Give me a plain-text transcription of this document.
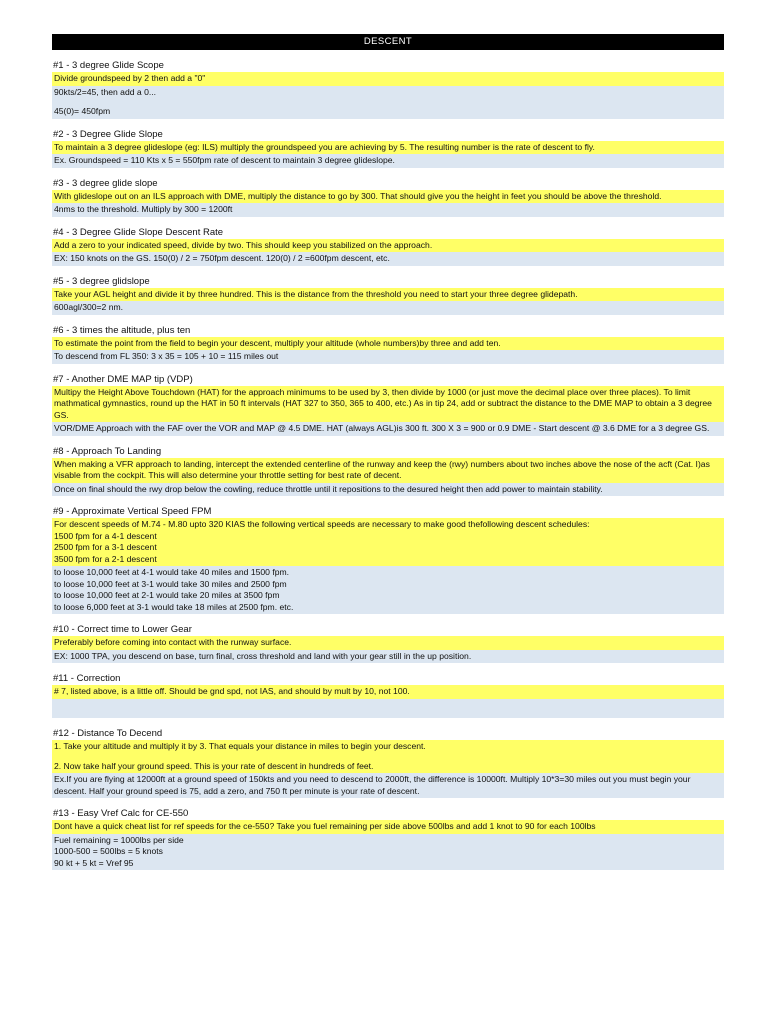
DESCENT
#1 - 3 degree Glide Scope
Divide groundspeed by 2 then add a "0"
90kts/2=45, then add a 0...
45(0)= 450fpm
#2 - 3 Degree Glide Slope
To maintain a 3 degree glideslope (eg: ILS) multiply the groundspeed you are achieving by 5. The resulting number is the rate of descent to fly.
Ex. Groundspeed = 110 Kts x 5 = 550fpm rate of descent to maintain 3 degree glideslope.
#3 - 3 degree glide slope
With glideslope out on an ILS approach with DME, multiply the distance to go by 300. That should give you the height in feet you should be above the threshold.
4nms to the threshold. Multiply by 300 = 1200ft
#4 - 3 Degree Glide Slope Descent Rate
Add a zero to your indicated speed, divide by two. This should keep you stabilized on the approach.
EX: 150 knots on the GS. 150(0) / 2 = 750fpm descent. 120(0) / 2 =600fpm descent, etc.
#5 - 3 degree glidslope
Take your AGL height and divide it by three hundred. This is the distance from the threshold you need to start your three degree glidepath.
600agl/300=2 nm.
#6 - 3 times the altitude, plus ten
To estimate the point from the field to begin your descent, multiply your altitude (whole numbers)by three and add ten.
To descend from FL 350: 3 x 35 = 105 + 10 = 115 miles out
#7 - Another DME MAP tip (VDP)
Multipy the Height Above Touchdown (HAT) for the approach minimums to be used by 3, then divide by 1000 (or just move the decimal place over three places). To limit mathmatical gymnastics, round up the HAT in 50 ft intervals (HAT 327 to 350, 365 to 400, etc.) As in tip 24, add or subtract the distance to the DME MAP to obtain a 3 degree GS.
VOR/DME Approach with the FAF over the VOR and MAP @ 4.5 DME. HAT (always AGL)is 300 ft. 300 X 3 = 900 or 0.9 DME - Start descent @ 3.6 DME for a 3 degree GS.
#8 - Approach To Landing
When making a VFR approach to landing, intercept the extended centerline of the runway and keep the (rwy) numbers about two inches above the nose of the acft (Cat. I)as visable from the cockpit. This will also determine your throttle setting for best rate of decent.
Once on final should the rwy drop below the cowling, reduce throttle until it repositions to the desured height then add power to maintain stability.
#9 - Approximate Vertical Speed FPM
For descent speeds of M.74 - M.80 upto 320 KIAS the following vertical speeds are necessary to make good thefollowing descent schedules:
1500 fpm for a 4-1 descent
2500 fpm for a 3-1 descent
3500 fpm for a 2-1 descent
to loose 10,000 feet at 4-1 would take 40 miles and 1500 fpm.
to loose 10,000 feet at 3-1 would take 30 miles and 2500 fpm
to loose 10,000 feet at 2-1 would take 20 miles at 3500 fpm
to loose 6,000 feet at 3-1 would take 18 miles at 2500 fpm. etc.
#10 - Correct time to Lower Gear
Preferably before coming into contact with the runway surface.
EX: 1000 TPA, you descend on base, turn final, cross threshold and land with your gear still in the up position.
#11 - Correction
# 7, listed above, is a little off. Should be gnd spd, not IAS, and should by mult by 10, not 100.
#12 - Distance To Decend
1. Take your altitude and multiply it by 3. That equals your distance in miles to begin your descent.
2. Now take half your ground speed. This is your rate of descent in hundreds of feet.
Ex.If you are flying at 12000ft at a ground speed of 150kts and you need to descend to 2000ft, the difference is 10000ft. Multiply 10*3=30 miles out you must begin your descent. Half your ground speed is 75, add a zero, and 750 ft per minute is your rate of descent.
#13 - Easy Vref Calc for CE-550
Dont have a quick cheat list for ref speeds for the ce-550? Take you fuel remaining per side above 500lbs and add 1 knot to 90 for each 100lbs
Fuel remaining = 1000lbs per side
1000-500 = 500lbs = 5 knots
90 kt + 5 kt = Vref 95
